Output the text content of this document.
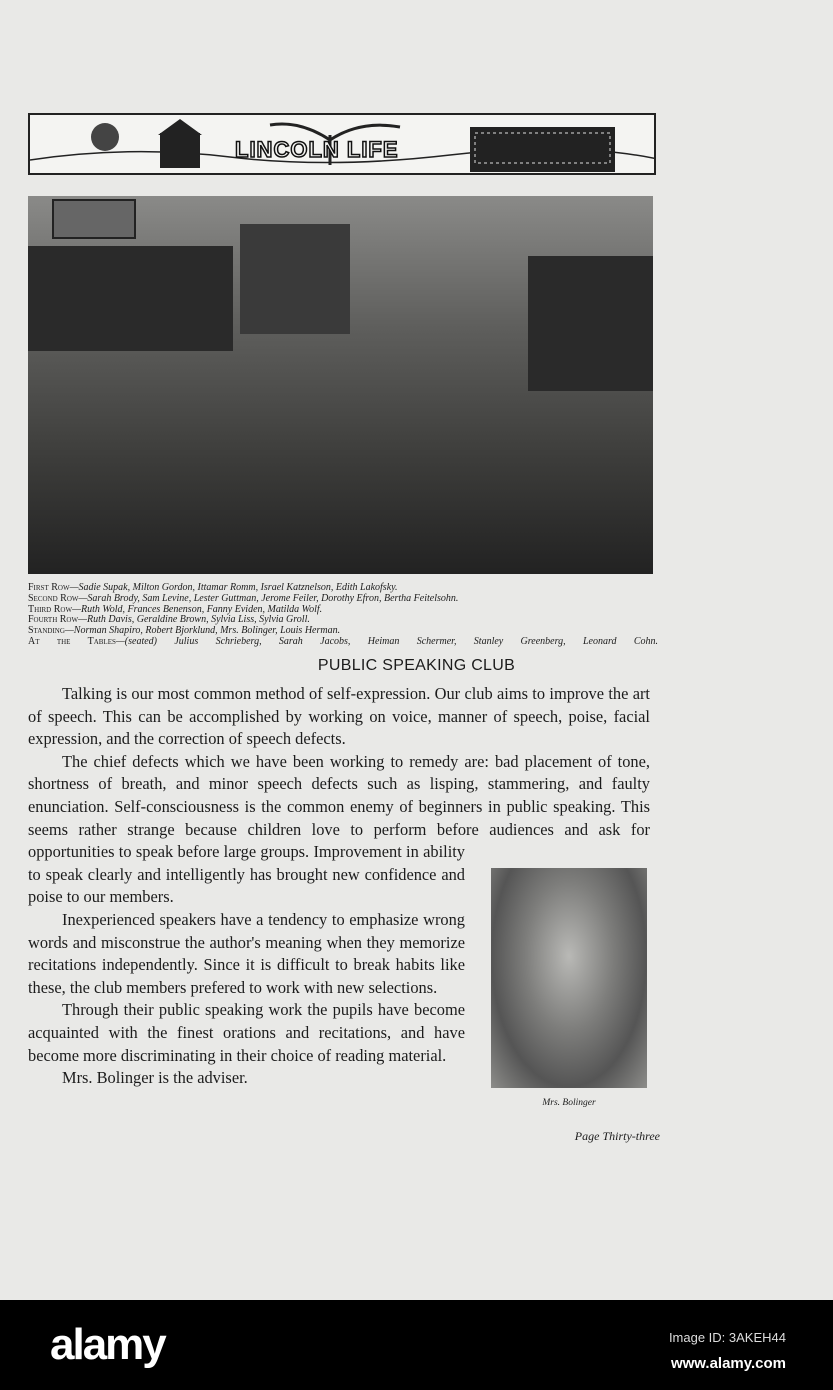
LINCOLN LIFE
First Row—Sadie Supak, Milton Gordon, Ittamar Romm, Israel Katznelson, Edith Lakofsky.
Second Row—Sarah Brody, Sam Levine, Lester Guttman, Jerome Feiler, Dorothy Efron, Bertha Feitelsohn.
Third Row—Ruth Wold, Frances Benenson, Fanny Eviden, Matilda Wolf.
Fourth Row—Ruth Davis, Geraldine Brown, Sylvia Liss, Sylvia Groll.
Standing—Norman Shapiro, Robert Bjorklund, Mrs. Bolinger, Louis Herman.
At the Tables—(seated) Julius Schrieberg, Sarah Jacobs, Heiman Schermer, Stanley Greenberg, Leonard Cohn.
PUBLIC SPEAKING CLUB

Talking is our most common method of self-expression. Our club aims to improve the art of speech. This can be accomplished by working on voice, manner of speech, poise, facial expression, and the correction of speech defects.

The chief defects which we have been working to remedy are: bad placement of tone, shortness of breath, and minor speech defects such as lisping, stammering, and faulty enunciation. Self-consciousness is the common enemy of beginners in public speaking. This seems rather strange because children love to perform before audiences and ask for opportunities to speak before large groups. Improvement in ability to speak clearly and intelligently has brought new confidence and poise to our members.

Inexperienced speakers have a tendency to emphasize wrong words and misconstrue the author's meaning when they memorize recitations independently. Since it is difficult to break habits like these, the club members prefered to work with new selections.

Through their public speaking work the pupils have become acquainted with the finest orations and recitations, and have become more discriminating in their choice of reading material.

Mrs. Bolinger is the adviser.

Mrs. Bolinger
Page Thirty-three
alamy	Image ID: 3AKEH44
www.alamy.com
